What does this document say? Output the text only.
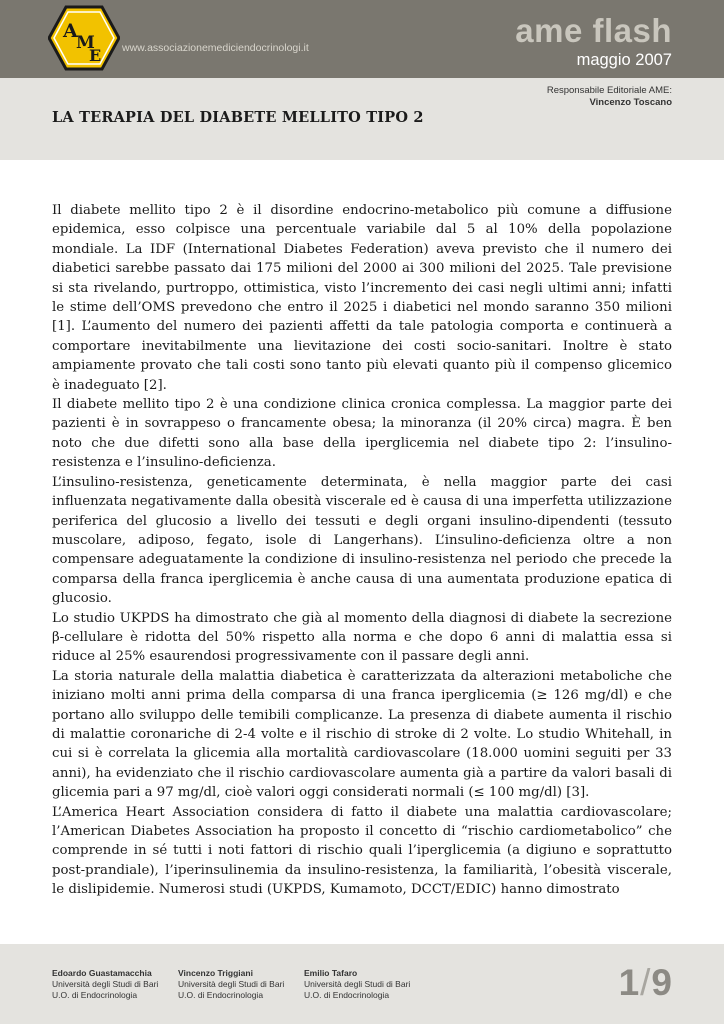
A
M
E www.associazionemediciendocrinologi.it	ame flash
maggio 2007
Responsabile Editoriale AME:
Vincenzo Toscano
LA TERAPIA DEL DIABETE MELLITO TIPO 2

Il diabete mellito tipo 2 è il disordine endocrino-metabolico più comune a diffusione epidemica, esso colpisce una percentuale variabile dal 5 al 10% della popolazione mondiale. La IDF (International Diabetes Federation) aveva previsto che il numero dei diabetici sarebbe passato dai 175 milioni del 2000 ai 300 milioni del 2025. Tale previsione si sta rivelando, purtroppo, ottimistica, visto l’incremento dei casi negli ultimi anni; infatti le stime dell’OMS prevedono che entro il 2025 i diabetici nel mondo saranno 350 milioni [1]. L’aumento del numero dei pazienti affetti da tale patologia comporta e continuerà a comportare inevitabilmente una lievitazione dei costi socio-sanitari. Inoltre è stato ampiamente provato che tali costi sono tanto più elevati quanto più il compenso glicemico è inadeguato [2].

Il diabete mellito tipo 2 è una condizione clinica cronica complessa. La maggior parte dei pazienti è in sovrappeso o francamente obesa; la minoranza (il 20% circa) magra. È ben noto che due difetti sono alla base della iperglicemia nel diabete tipo 2: l’insulino-resistenza e l’insulino-deficienza.

L’insulino-resistenza, geneticamente determinata, è nella maggior parte dei casi influenzata negativamente dalla obesità viscerale ed è causa di una imperfetta utilizzazione periferica del glucosio a livello dei tessuti e degli organi insulino-dipendenti (tessuto muscolare, adiposo, fegato, isole di Langerhans). L’insulino-deficienza oltre a non compensare adeguatamente la condizione di insulino-resistenza nel periodo che precede la comparsa della franca iperglicemia è anche causa di una aumentata produzione epatica di glucosio.

Lo studio UKPDS ha dimostrato che già al momento della diagnosi di diabete la secrezione β-cellulare è ridotta del 50% rispetto alla norma e che dopo 6 anni di malattia essa si riduce al 25% esaurendosi progressivamente con il passare degli anni.

La storia naturale della malattia diabetica è caratterizzata da alterazioni metaboliche che iniziano molti anni prima della comparsa di una franca iperglicemia (≥ 126 mg/dl) e che portano allo sviluppo delle temibili complicanze. La presenza di diabete aumenta il rischio di malattie coronariche di 2-4 volte e il rischio di stroke di 2 volte. Lo studio Whitehall, in cui si è correlata la glicemia alla mortalità cardiovascolare (18.000 uomini seguiti per 33 anni), ha evidenziato che il rischio cardiovascolare aumenta già a partire da valori basali di glicemia pari a 97 mg/dl, cioè valori oggi considerati normali (≤ 100 mg/dl) [3].

L’America Heart Association considera di fatto il diabete una malattia cardiovascolare; l’American Diabetes Association ha proposto il concetto di “rischio cardiometabolico” che comprende in sé tutti i noti fattori di rischio quali l’iperglicemia (a digiuno e soprattutto post-prandiale), l’iperinsulinemia da insulino-resistenza, la familiarità, l’obesità viscerale, le dislipidemie. Numerosi studi (UKPDS, Kumamoto, DCCT/EDIC) hanno dimostrato

Edoardo Guastamacchia
Università degli Studi di Bari
U.O. di Endocrinologia
Vincenzo Triggiani
Università degli Studi di Bari
U.O. di Endocrinologia
Emilio Tafaro
Università degli Studi di Bari
U.O. di Endocrinologia	1/9
